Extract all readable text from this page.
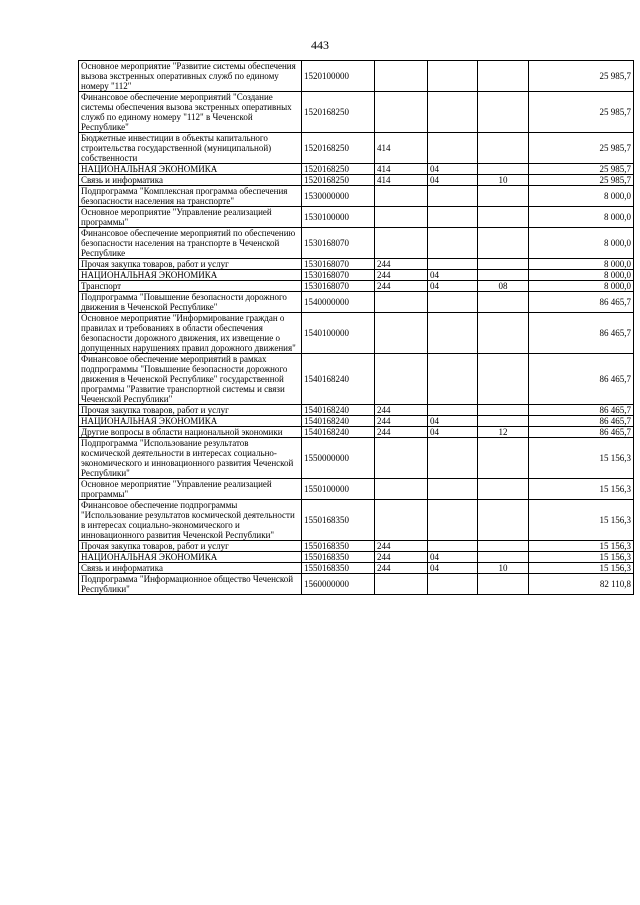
443
Основное мероприятие "Развитие системы обеспечения вызова экстренных оперативных служб по единому номеру "112"	1520100000				25 985,7
Финансовое обеспечение мероприятий "Создание системы обеспечения вызова экстренных оперативных служб по единому номеру "112" в Чеченской Республике"	1520168250				25 985,7
Бюджетные инвестиции в объекты капитального строительства государственной (муниципальной) собственности	1520168250	414			25 985,7
НАЦИОНАЛЬНАЯ ЭКОНОМИКА	1520168250	414	04		25 985,7
Связь и информатика	1520168250	414	04	10	25 985,7
Подпрограмма "Комплексная программа обеспечения безопасности населения на транспорте"	1530000000				8 000,0
Основное мероприятие "Управление реализацией программы"	1530100000				8 000,0
Финансовое обеспечение мероприятий по обеспечению безопасности населения на транспорте в Чеченской Республике	1530168070				8 000,0
Прочая закупка товаров, работ и услуг	1530168070	244			8 000,0
НАЦИОНАЛЬНАЯ ЭКОНОМИКА	1530168070	244	04		8 000,0
Транспорт	1530168070	244	04	08	8 000,0
Подпрограмма "Повышение безопасности дорожного движения в Чеченской Республике"	1540000000				86 465,7
Основное мероприятие "Информирование граждан о правилах и требованиях в области обеспечения безопасности дорожного движения, их извещение о допущенных нарушениях правил дорожного движения"	1540100000				86 465,7
Финансовое обеспечение мероприятий в рамках подпрограммы "Повышение безопасности дорожного движения в Чеченской Республике" государственной программы "Развитие транспортной системы и связи Чеченской Республики"	1540168240				86 465,7
Прочая закупка товаров, работ и услуг	1540168240	244			86 465,7
НАЦИОНАЛЬНАЯ ЭКОНОМИКА	1540168240	244	04		86 465,7
Другие вопросы в области национальной экономики	1540168240	244	04	12	86 465,7
Подпрограмма "Использование результатов космической деятельности в интересах социально-экономического и инновационного развития Чеченской Республики"	1550000000				15 156,3
Основное мероприятие "Управление реализацией программы"	1550100000				15 156,3
Финансовое обеспечение подпрограммы "Использование результатов космической деятельности в интересах социально-экономического и инновационного развития Чеченской Республики"	1550168350				15 156,3
Прочая закупка товаров, работ и услуг	1550168350	244			15 156,3
НАЦИОНАЛЬНАЯ ЭКОНОМИКА	1550168350	244	04		15 156,3
Связь и информатика	1550168350	244	04	10	15 156,3
Подпрограмма "Информационное общество Чеченской Республики"	1560000000				82 110,8
